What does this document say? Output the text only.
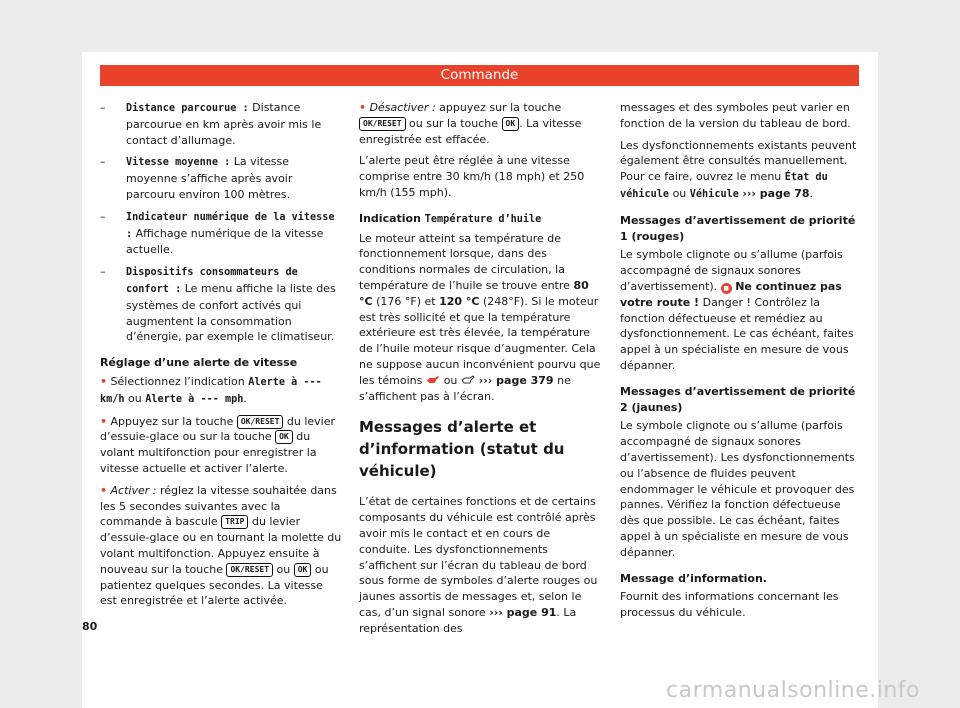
Commande
–	Distance parcourue : Distance parcourue en km après avoir mis le contact d’allumage.
–	Vitesse moyenne : La vitesse moyenne s’affiche après avoir parcouru environ 100 mètres.
–	Indicateur numérique de la vitesse : Affichage numérique de la vitesse actuelle.
–	Dispositifs consommateurs de confort : Le menu affiche la liste des systèmes de confort activés qui augmentent la consommation d’énergie, par exemple le climatiseur.
Réglage d’une alerte de vitesse
• Sélectionnez l’indication Alerte à --- km/h ou Alerte à --- mph.
• Appuyez sur la touche OK/RESET du levier d’essuie-glace ou sur la touche OK du volant multifonction pour enregistrer la vitesse actuelle et activer l’alerte.
• Activer : réglez la vitesse souhaitée dans les 5 secondes suivantes avec la commande à bascule TRIP du levier d’essuie-glace ou en tournant la molette du volant multifonction. Appuyez ensuite à nouveau sur la touche OK/RESET ou OK ou patientez quelques secondes. La vitesse est enregistrée et l’alerte activée.
• Désactiver : appuyez sur la touche OK/RESET ou sur la touche OK . La vitesse enregistrée est effacée.

L’alerte peut être réglée à une vitesse comprise entre 30 km/h (18 mph) et 250 km/h (155 mph).

Indication Température d’huile

Le moteur atteint sa température de fonctionnement lorsque, dans des conditions normales de circulation, la température de l’huile se trouve entre 80 °C (176 °F) et 120 °C (248°F). Si le moteur est très sollicité et que la température extérieure est très élevée, la température de l’huile moteur risque d’augmenter. Cela ne suppose aucun inconvénient pourvu que les témoins ou ››› page 379 ne s’affichent pas à l’écran.

Messages d’alerte et d’information (statut du véhicule)

L’état de certaines fonctions et de certains composants du véhicule est contrôlé après avoir mis le contact et en cours de conduite. Les dysfonctionnements s’affichent sur l’écran du tableau de bord sous forme de symboles d’alerte rouges ou jaunes assortis de messages et, selon le cas, d’un signal sonore ››› page 91. La représentation des

messages et des symboles peut varier en fonction de la version du tableau de bord.

Les dysfonctionnements existants peuvent également être consultés manuellement. Pour ce faire, ouvrez le menu État du véhicule ou Véhicule ››› page 78.

Messages d’avertissement de priorité 1 (rouges)

Le symbole clignote ou s’allume (parfois accompagné de signaux sonores d’avertissement). ■ Ne continuez pas votre route ! Danger ! Contrôlez la fonction défectueuse et remédiez au dysfonctionnement. Le cas échéant, faites appel à un spécialiste en mesure de vous dépanner.

Messages d’avertissement de priorité 2 (jaunes)

Le symbole clignote ou s’allume (parfois accompagné de signaux sonores d’avertissement). Les dysfonctionnements ou l’absence de fluides peuvent endommager le véhicule et provoquer des pannes. Vérifiez la fonction défectueuse dès que possible. Le cas échéant, faites appel à un spécialiste en mesure de vous dépanner.

Message d’information.

Fournit des informations concernant les processus du véhicule.

80
carmanualsonline.info
